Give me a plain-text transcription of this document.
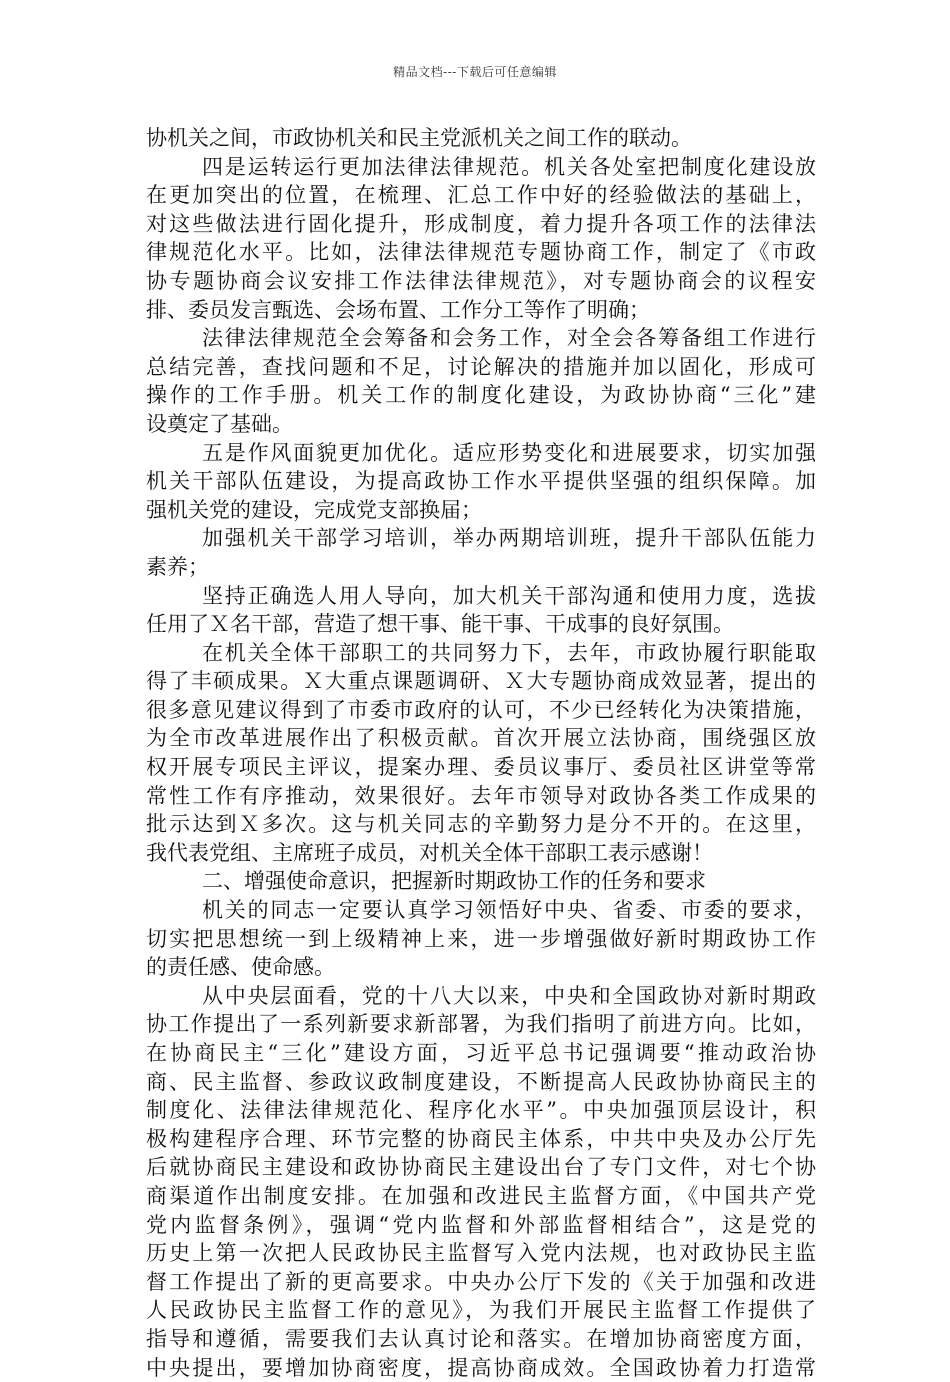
精品文档---下载后可任意编辑
协机关之间，市政协机关和民主党派机关之间工作的联动。
四是运转运行更加法律法律规范。机关各处室把制度化建设放
在更加突出的位置，在梳理、汇总工作中好的经验做法的基础上，
对这些做法进行固化提升，形成制度，着力提升各项工作的法律法
律规范化水平。比如，法律法律规范专题协商工作，制定了《市政
协专题协商会议安排工作法律法律规范》，对专题协商会的议程安
排、委员发言甄选、会场布置、工作分工等作了明确；
法律法律规范全会筹备和会务工作，对全会各筹备组工作进行
总结完善，查找问题和不足，讨论解决的措施并加以固化，形成可
操作的工作手册。机关工作的制度化建设，为政协协商“三化”建
设奠定了基础。
五是作风面貌更加优化。适应形势变化和进展要求，切实加强
机关干部队伍建设，为提高政协工作水平提供坚强的组织保障。加
强机关党的建设，完成党支部换届；
加强机关干部学习培训，举办两期培训班，提升干部队伍能力
素养；
坚持正确选人用人导向，加大机关干部沟通和使用力度，选拔
任用了Ｘ名干部，营造了想干事、能干事、干成事的良好氛围。
在机关全体干部职工的共同努力下，去年，市政协履行职能取
得了丰硕成果。Ｘ大重点课题调研、Ｘ大专题协商成效显著，提出的
很多意见建议得到了市委市政府的认可，不少已经转化为决策措施，
为全市改革进展作出了积极贡献。首次开展立法协商，围绕强区放
权开展专项民主评议，提案办理、委员议事厅、委员社区讲堂等常
常性工作有序推动，效果很好。去年市领导对政协各类工作成果的
批示达到Ｘ多次。这与机关同志的辛勤努力是分不开的。在这里，
我代表党组、主席班子成员，对机关全体干部职工表示感谢！
二、增强使命意识，把握新时期政协工作的任务和要求
机关的同志一定要认真学习领悟好中央、省委、市委的要求，
切实把思想统一到上级精神上来，进一步增强做好新时期政协工作
的责任感、使命感。
从中央层面看，党的十八大以来，中央和全国政协对新时期政
协工作提出了一系列新要求新部署，为我们指明了前进方向。比如，
在协商民主“三化”建设方面，习近平总书记强调要“推动政治协
商、民主监督、参政议政制度建设，不断提高人民政协协商民主的
制度化、法律法律规范化、程序化水平”。中央加强顶层设计，积
极构建程序合理、环节完整的协商民主体系，中共中央及办公厅先
后就协商民主建设和政协协商民主建设出台了专门文件，对七个协
商渠道作出制度安排。在加强和改进民主监督方面，《中国共产党
党内监督条例》，强调“党内监督和外部监督相结合”，这是党的
历史上第一次把人民政协民主监督写入党内法规，也对政协民主监
督工作提出了新的更高要求。中央办公厅下发的《关于加强和改进
人民政协民主监督工作的意见》，为我们开展民主监督工作提供了
指导和遵循，需要我们去认真讨论和落实。在增加协商密度方面，
中央提出，要增加协商密度，提高协商成效。全国政协着力打造常
